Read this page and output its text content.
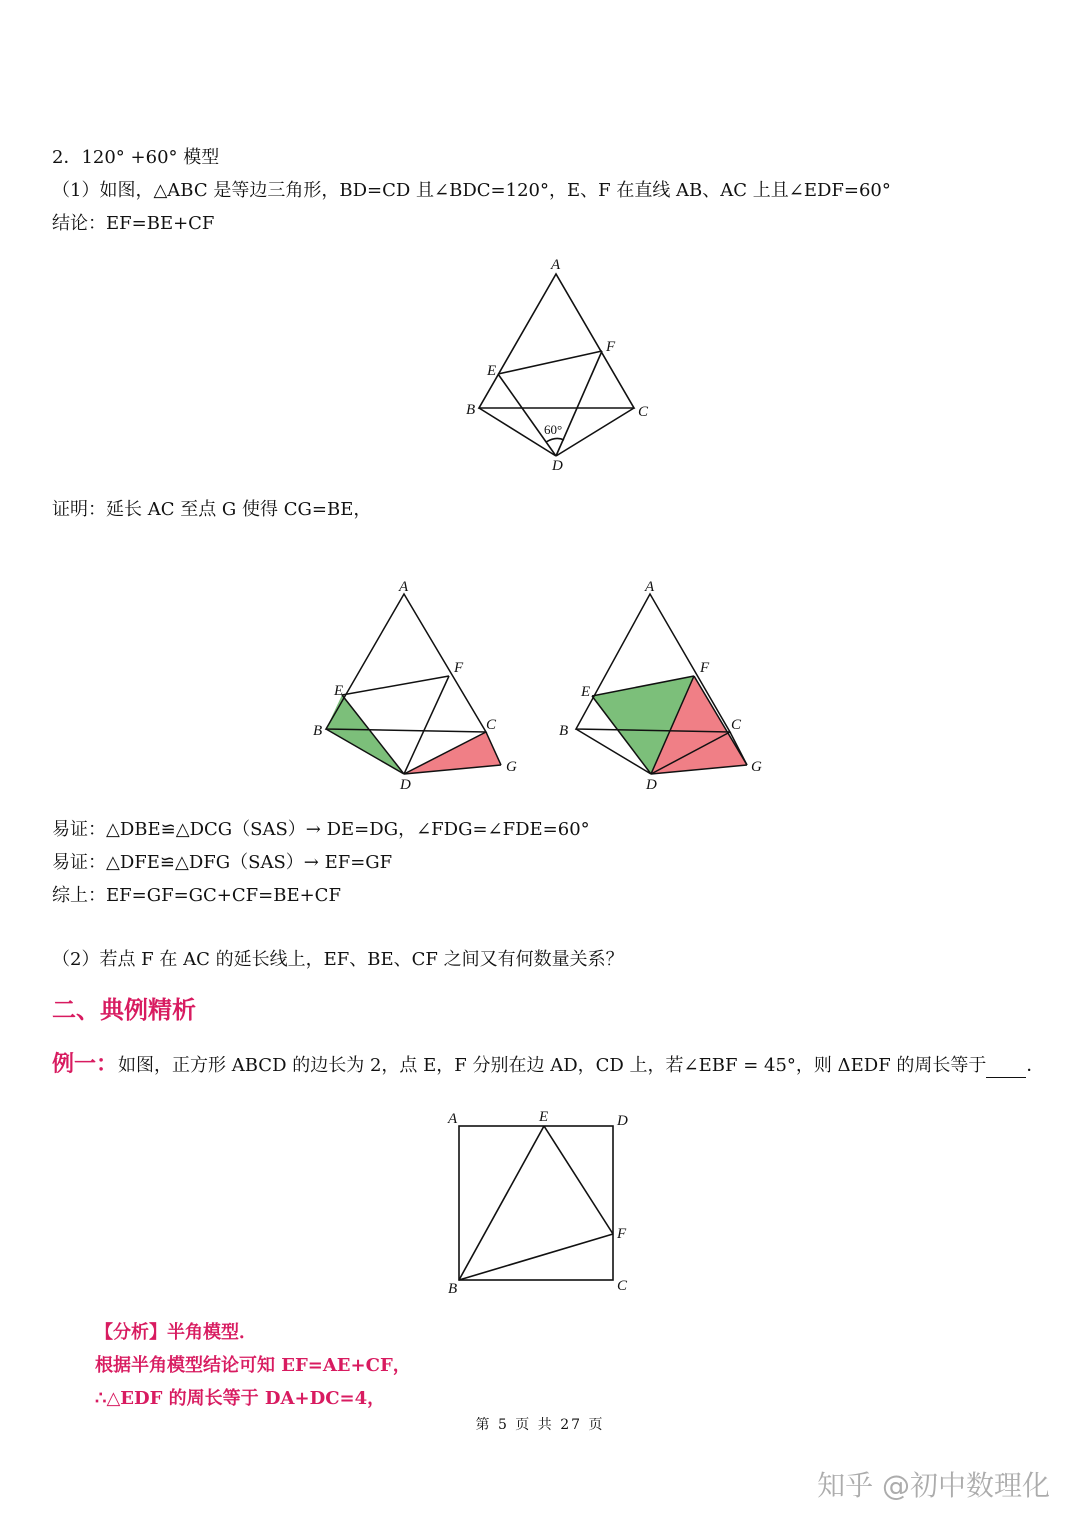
2．120° +60° 模型
（1）如图，△ABC 是等边三角形，BD=CD 且∠BDC=120°，E、F 在直线 AB、AC 上且∠EDF=60°
结论：EF=BE+CF
A
B	C
D
E
F
60°
证明：延长 AC 至点 G 使得 CG=BE，
A
B	C
D
E
F
G
A
B	C
D
E
F
G
易证：△DBE≌△DCG（SAS）→ DE=DG，∠FDG=∠FDE=60°
易证：△DFE≌△DFG（SAS）→ EF=GF
综上：EF=GF=GC+CF=BE+CF
（2）若点 F 在 AC 的延长线上，EF、BE、CF 之间又有何数量关系？
二、典例精析
例一：如图，正方形 ABCD 的边长为 2，点 E，F 分别在边 AD，CD 上，若∠EBF = 45°，则 ΔEDF 的周长等于 ．
A	E	D
F
C
B
【分析】半角模型．
根据半角模型结论可知 EF=AE+CF，
∴△EDF 的周长等于 DA+DC=4，
第 5 页 共 27 页
知乎 @初中数理化
